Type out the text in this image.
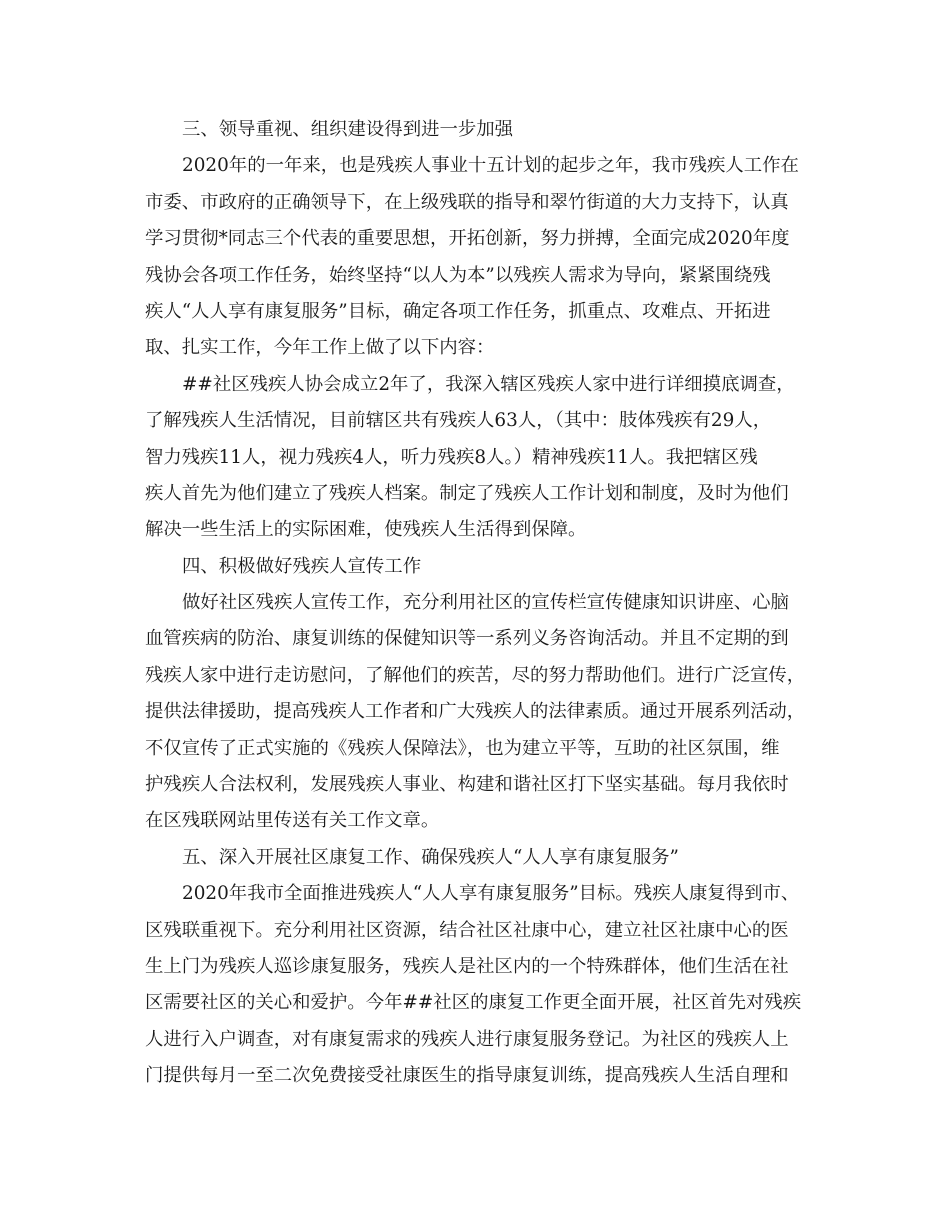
三、领导重视、组织建设得到进一步加强
2020年的一年来，也是残疾人事业十五计划的起步之年，我市残疾人工作在
市委、市政府的正确领导下，在上级残联的指导和翠竹街道的大力支持下，认真
学习贯彻*同志三个代表的重要思想，开拓创新，努力拼搏，全面完成2020年度
残协会各项工作任务，始终坚持“以人为本”以残疾人需求为导向，紧紧围绕残
疾人“人人享有康复服务”目标，确定各项工作任务，抓重点、攻难点、开拓进
取、扎实工作，今年工作上做了以下内容：
##社区残疾人协会成立2年了，我深入辖区残疾人家中进行详细摸底调查，
了解残疾人生活情况，目前辖区共有残疾人63人，（其中：肢体残疾有29人，
智力残疾11人，视力残疾4人，听力残疾8人。）精神残疾11人。我把辖区残
疾人首先为他们建立了残疾人档案。制定了残疾人工作计划和制度，及时为他们
解决一些生活上的实际困难，使残疾人生活得到保障。
四、积极做好残疾人宣传工作
做好社区残疾人宣传工作，充分利用社区的宣传栏宣传健康知识讲座、心脑
血管疾病的防治、康复训练的保健知识等一系列义务咨询活动。并且不定期的到
残疾人家中进行走访慰问，了解他们的疾苦，尽的努力帮助他们。进行广泛宣传，
提供法律援助，提高残疾人工作者和广大残疾人的法律素质。通过开展系列活动，
不仅宣传了正式实施的《残疾人保障法》，也为建立平等，互助的社区氛围，维
护残疾人合法权利，发展残疾人事业、构建和谐社区打下坚实基础。每月我依时
在区残联网站里传送有关工作文章。
五、深入开展社区康复工作、确保残疾人“人人享有康复服务”
2020年我市全面推进残疾人“人人享有康复服务”目标。残疾人康复得到市、
区残联重视下。充分利用社区资源，结合社区社康中心，建立社区社康中心的医
生上门为残疾人巡诊康复服务，残疾人是社区内的一个特殊群体，他们生活在社
区需要社区的关心和爱护。今年##社区的康复工作更全面开展，社区首先对残疾
人进行入户调查，对有康复需求的残疾人进行康复服务登记。为社区的残疾人上
门提供每月一至二次免费接受社康医生的指导康复训练，提高残疾人生活自理和
